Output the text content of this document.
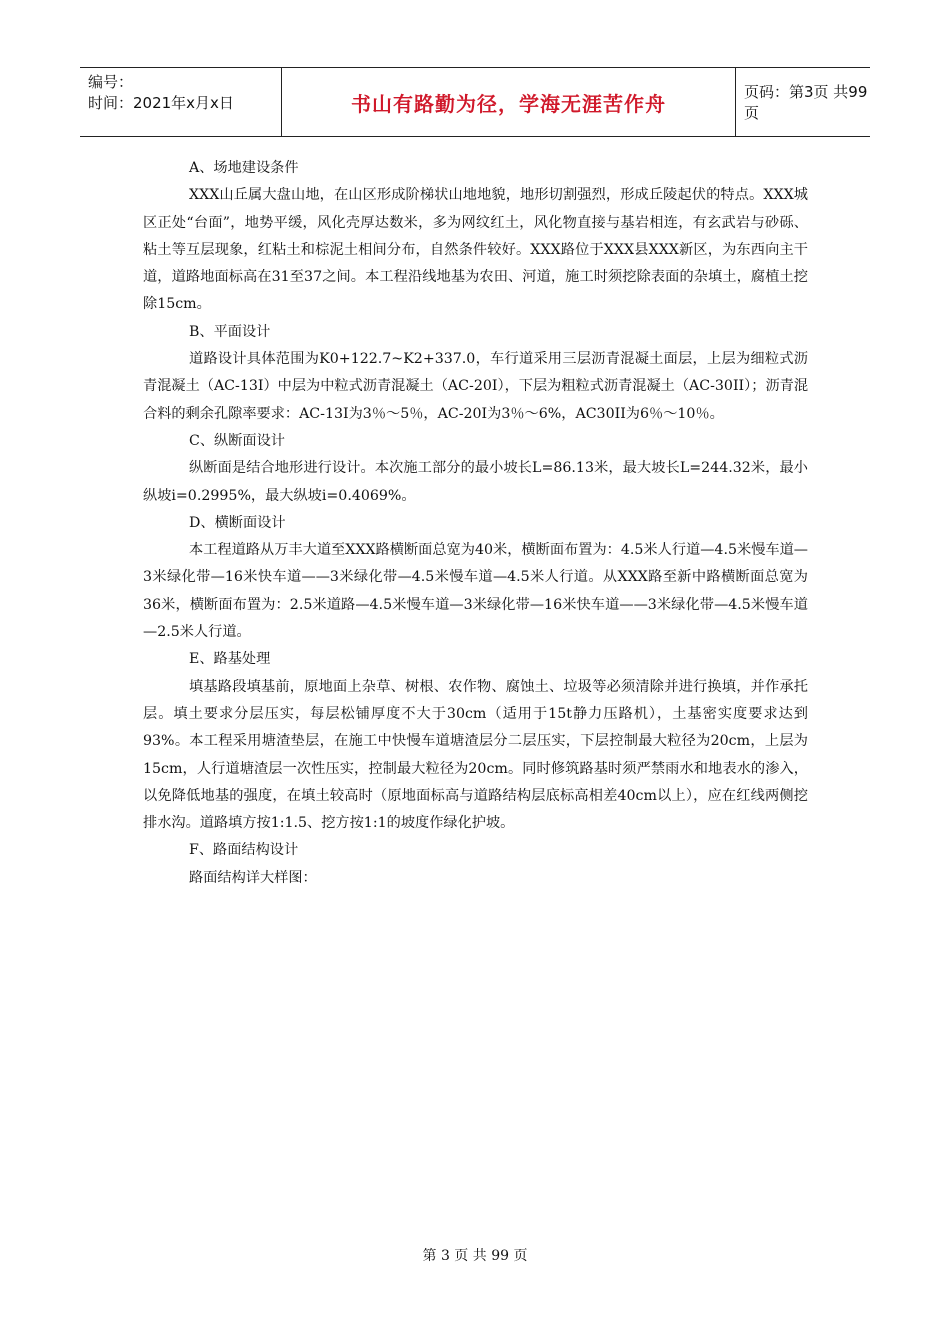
编号：
时间：2021年x月x日	书山有路勤为径，学海无涯苦作舟	页码：第3页 共99页

A、场地建设条件

XXX山丘属大盘山地，在山区形成阶梯状山地地貌，地形切割强烈，形成丘陵起伏的特点。XXX城区正处“台面”，地势平缓，风化壳厚达数米，多为网纹红土，风化物直接与基岩相连，有玄武岩与砂砾、粘土等互层现象，红粘土和棕泥土相间分布，自然条件较好。XXX路位于XXX县XXX新区，为东西向主干道，道路地面标高在31至37之间。本工程沿线地基为农田、河道，施工时须挖除表面的杂填土，腐植土挖除15cm。

B、平面设计

道路设计具体范围为K0+122.7~K2+337.0，车行道采用三层沥青混凝土面层，上层为细粒式沥青混凝土（AC-13I）中层为中粒式沥青混凝土（AC-20I），下层为粗粒式沥青混凝土（AC-30II）；沥青混合料的剩余孔隙率要求：AC-13I为3％～5％，AC-20I为3％～6%，AC30II为6％～10％。

C、纵断面设计

纵断面是结合地形进行设计。本次施工部分的最小坡长L=86.13米，最大坡长L=244.32米，最小纵坡i=0.2995%，最大纵坡i=0.4069%。

D、横断面设计

本工程道路从万丰大道至XXX路横断面总宽为40米，横断面布置为：4.5米人行道—4.5米慢车道—3米绿化带—16米快车道——3米绿化带—4.5米慢车道—4.5米人行道。从XXX路至新中路横断面总宽为36米，横断面布置为：2.5米道路—4.5米慢车道—3米绿化带—16米快车道——3米绿化带—4.5米慢车道—2.5米人行道。

E、路基处理

填基路段填基前，原地面上杂草、树根、农作物、腐蚀土、垃圾等必须清除并进行换填，并作承托层。填土要求分层压实，每层松铺厚度不大于30cm（适用于15t静力压路机），土基密实度要求达到93%。本工程采用塘渣垫层，在施工中快慢车道塘渣层分二层压实，下层控制最大粒径为20cm，上层为15cm，人行道塘渣层一次性压实，控制最大粒径为20cm。同时修筑路基时须严禁雨水和地表水的渗入，以免降低地基的强度，在填土较高时（原地面标高与道路结构层底标高相差40cm以上），应在红线两侧挖排水沟。道路填方按1:1.5、挖方按1:1的坡度作绿化护坡。

F、路面结构设计

路面结构详大样图：

第 3 页 共 99 页
